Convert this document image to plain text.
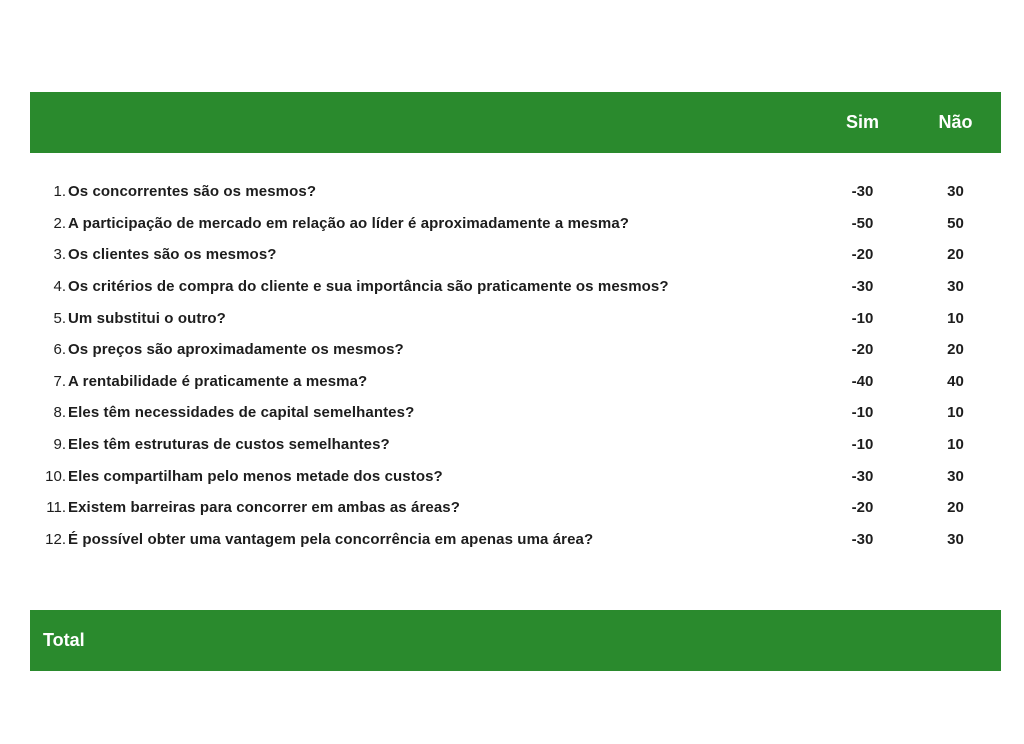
Sim	Não
1. Os concorrentes são os mesmos?	-30	30
2. A participação de mercado em relação ao líder é aproximadamente a mesma?	-50	50
3. Os clientes são os mesmos?	-20	20
4. Os critérios de compra do cliente e sua importância são praticamente os mesmos?	-30	30
5. Um substitui o outro?	-10	10
6. Os preços são aproximadamente os mesmos?	-20	20
7. A rentabilidade é praticamente a mesma?	-40	40
8. Eles têm necessidades de capital semelhantes?	-10	10
9. Eles têm estruturas de custos semelhantes?	-10	10
10. Eles compartilham pelo menos metade dos custos?	-30	30
11. Existem barreiras para concorrer em ambas as áreas?	-20	20
12. É possível obter uma vantagem pela concorrência em apenas uma área?	-30	30
Total
